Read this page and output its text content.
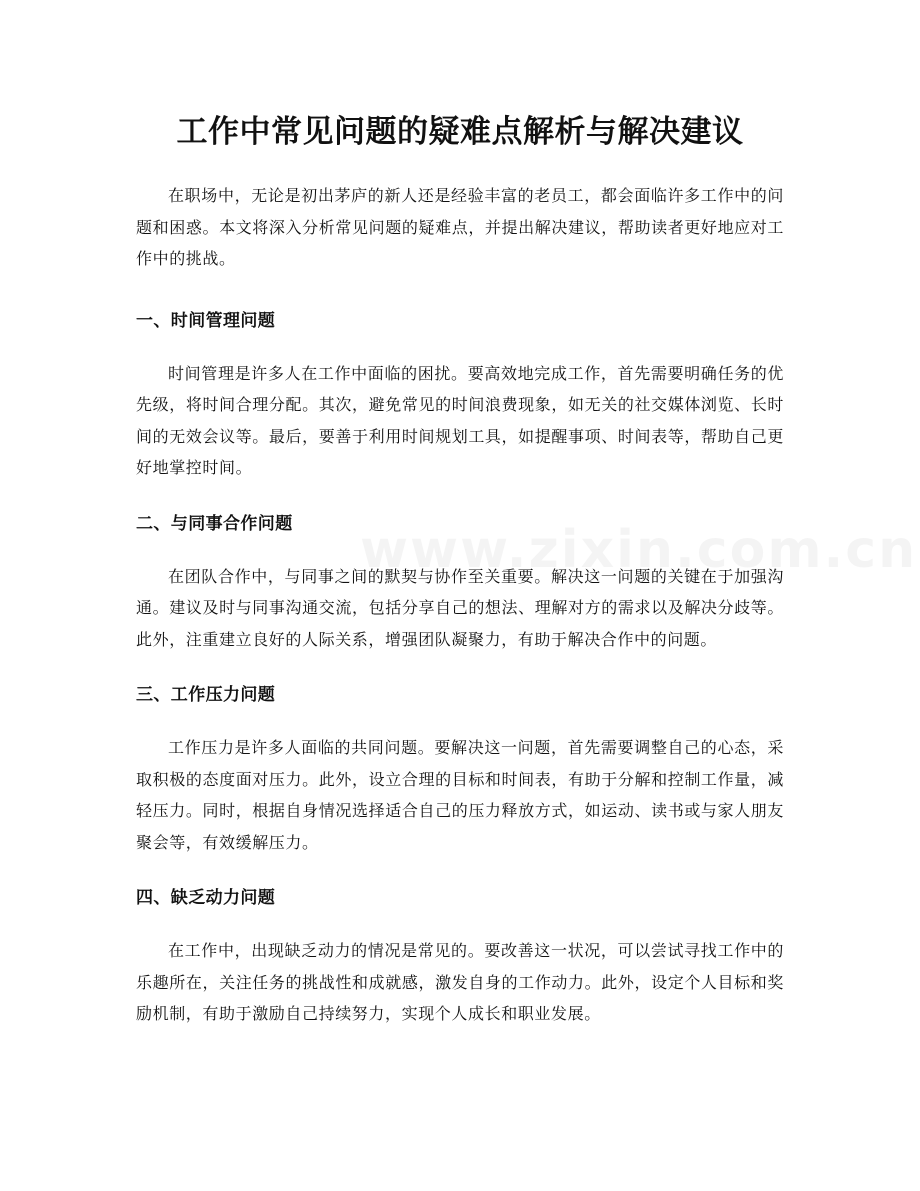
工作中常见问题的疑难点解析与解决建议

在职场中，无论是初出茅庐的新人还是经验丰富的老员工，都会面临许多工作中的问题和困惑。本文将深入分析常见问题的疑难点，并提出解决建议，帮助读者更好地应对工作中的挑战。

一、时间管理问题

时间管理是许多人在工作中面临的困扰。要高效地完成工作，首先需要明确任务的优先级，将时间合理分配。其次，避免常见的时间浪费现象，如无关的社交媒体浏览、长时间的无效会议等。最后，要善于利用时间规划工具，如提醒事项、时间表等，帮助自己更好地掌控时间。

二、与同事合作问题

在团队合作中，与同事之间的默契与协作至关重要。解决这一问题的关键在于加强沟通。建议及时与同事沟通交流，包括分享自己的想法、理解对方的需求以及解决分歧等。此外，注重建立良好的人际关系，增强团队凝聚力，有助于解决合作中的问题。

三、工作压力问题

工作压力是许多人面临的共同问题。要解决这一问题，首先需要调整自己的心态，采取积极的态度面对压力。此外，设立合理的目标和时间表，有助于分解和控制工作量，减轻压力。同时，根据自身情况选择适合自己的压力释放方式，如运动、读书或与家人朋友聚会等，有效缓解压力。

四、缺乏动力问题

在工作中，出现缺乏动力的情况是常见的。要改善这一状况，可以尝试寻找工作中的乐趣所在，关注任务的挑战性和成就感，激发自身的工作动力。此外，设定个人目标和奖励机制，有助于激励自己持续努力，实现个人成长和职业发展。
